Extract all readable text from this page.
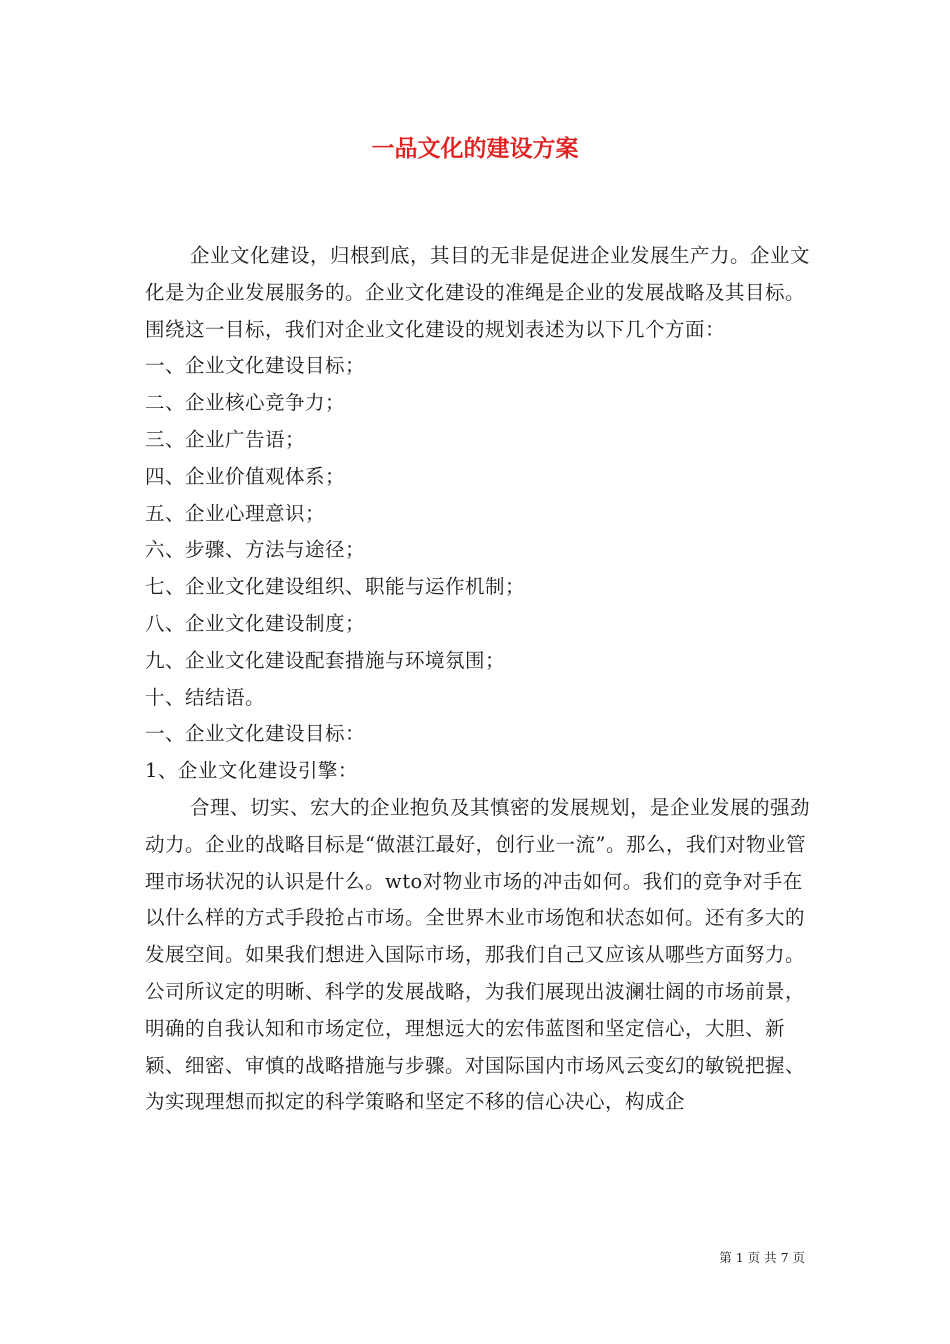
一品文化的建设方案

企业文化建设，归根到底，其目的无非是促进企业发展生产力。企业文化是为企业发展服务的。企业文化建设的准绳是企业的发展战略及其目标。围绕这一目标，我们对企业文化建设的规划表述为以下几个方面：

一、企业文化建设目标；

二、企业核心竞争力；

三、企业广告语；

四、企业价值观体系；

五、企业心理意识；

六、步骤、方法与途径；

七、企业文化建设组织、职能与运作机制；

八、企业文化建设制度；

九、企业文化建设配套措施与环境氛围；

十、结结语。

一、企业文化建设目标：

1、企业文化建设引擎：

合理、切实、宏大的企业抱负及其慎密的发展规划，是企业发展的强劲动力。企业的战略目标是“做湛江最好，创行业一流”。那么，我们对物业管理市场状况的认识是什么。wto对物业市场的冲击如何。我们的竞争对手在以什么样的方式手段抢占市场。全世界木业市场饱和状态如何。还有多大的发展空间。如果我们想进入国际市场，那我们自己又应该从哪些方面努力。公司所议定的明晰、科学的发展战略，为我们展现出波澜壮阔的市场前景，明确的自我认知和市场定位，理想远大的宏伟蓝图和坚定信心，大胆、新颖、细密、审慎的战略措施与步骤。对国际国内市场风云变幻的敏锐把握、为实现理想而拟定的科学策略和坚定不移的信心决心，构成企

第 1 页 共 7 页
